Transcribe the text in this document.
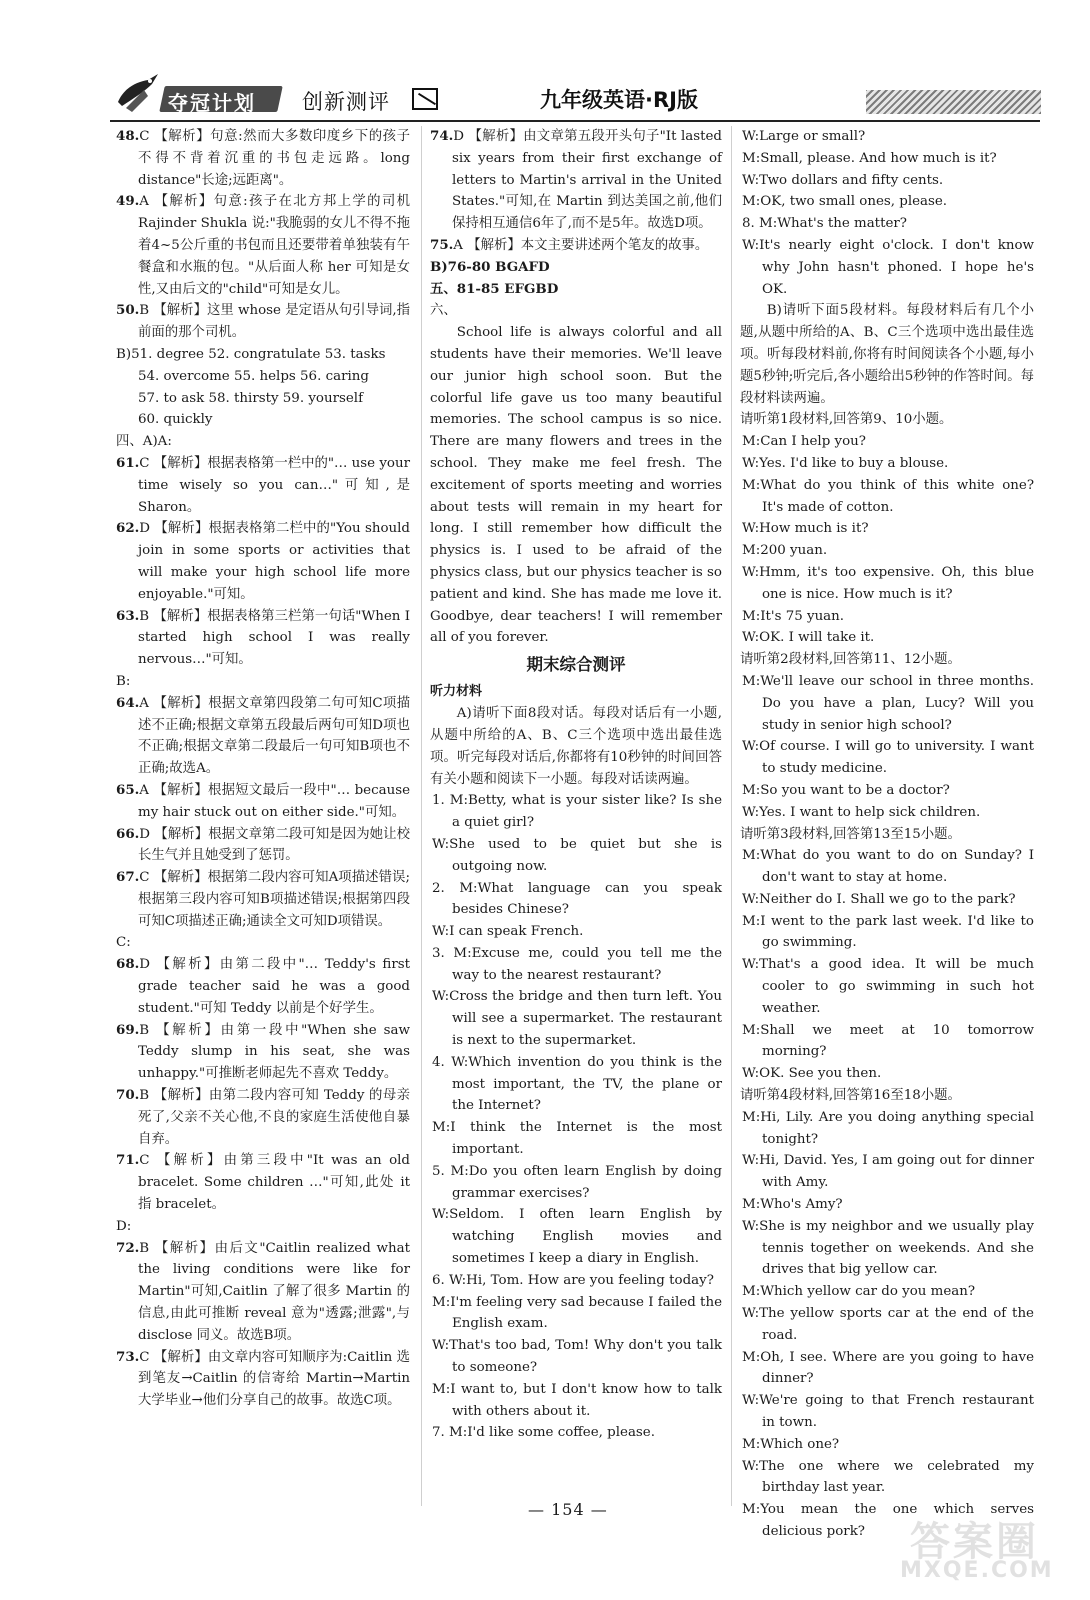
夺冠计划 创新测评	九年级英语·RJ版
48.C 【解析】句意:然而大多数印度乡下的孩子不得不背着沉重的书包走远路。long distance"长途;远距离"。
49.A 【解析】句意:孩子在北方邦上学的司机 Rajinder Shukla 说:"我脆弱的女儿不得不拖着4~5公斤重的书包而且还要带着单独装有午餐盒和水瓶的包。"从后面人称 her 可知是女性,又由后文的"child"可知是女儿。
50.B 【解析】这里 whose 是定语从句引导词,指前面的那个司机。
B)51. degree 52. congratulate 53. tasks
54. overcome 55. helps 56. caring
57. to ask 58. thirsty 59. yourself
60. quickly
四、A)A:
61.C 【解析】根据表格第一栏中的"… use your time wisely so you can…"可知,是 Sharon。
62.D 【解析】根据表格第二栏中的"You should join in some sports or activities that will make your high school life more enjoyable."可知。
63.B 【解析】根据表格第三栏第一句话"When I started high school I was really nervous…"可知。
B:
64.A 【解析】根据文章第四段第二句可知C项描述不正确;根据文章第五段最后两句可知D项也不正确;根据文章第二段最后一句可知B项也不正确;故选A。
65.A 【解析】根据短文最后一段中"… because my hair stuck out on either side."可知。
66.D 【解析】根据文章第二段可知是因为她让校长生气并且她受到了惩罚。
67.C 【解析】根据第二段内容可知A项描述错误;根据第三段内容可知B项描述错误;根据第四段可知C项描述正确;通读全文可知D项错误。
C:
68.D 【解析】由第二段中"… Teddy's first grade teacher said he was a good student."可知 Teddy 以前是个好学生。
69.B 【解析】由第一段中"When she saw Teddy slump in his seat, she was unhappy."可推断老师起先不喜欢 Teddy。
70.B 【解析】由第二段内容可知 Teddy 的母亲死了,父亲不关心他,不良的家庭生活使他自暴自弃。
71.C 【解析】由第三段中"It was an old bracelet. Some children …"可知,此处 it 指 bracelet。
D:
72.B 【解析】由后文"Caitlin realized what the living conditions were like for Martin"可知,Caitlin 了解了很多 Martin 的信息,由此可推断 reveal 意为"透露;泄露",与 disclose 同义。故选B项。
73.C 【解析】由文章内容可知顺序为:Caitlin 选到笔友→Caitlin 的信寄给 Martin→Martin 大学毕业→他们分享自己的故事。故选C项。
74.D 【解析】由文章第五段开头句子"It lasted six years from their first exchange of letters to Martin's arrival in the United States."可知,在 Martin 到达美国之前,他们保持相互通信6年了,而不是5年。故选D项。
75.A 【解析】本文主要讲述两个笔友的故事。
B)76-80 BGAFD
五、81-85 EFGBD
六、
School life is always colorful and all students have their memories. We'll leave our junior high school soon. But the colorful life gave us too many beautiful memories. The school campus is so nice. There are many flowers and trees in the school. They make me feel fresh. The excitement of sports meeting and worries about tests will remain in my heart for long. I still remember how difficult the physics is. I used to be afraid of the physics class, but our physics teacher is so patient and kind. She has made me love it. Goodbye, dear teachers! I will remember all of you forever.
期末综合测评
听力材料
A)请听下面8段对话。每段对话后有一小题,从题中所给的A、B、C三个选项中选出最佳选项。听完每段对话后,你都将有10秒钟的时间回答有关小题和阅读下一小题。每段对话读两遍。
1. M:Betty, what is your sister like? Is she a quiet girl?
W:She used to be quiet but she is outgoing now.
2. M:What language can you speak besides Chinese?
W:I can speak French.
3. M:Excuse me, could you tell me the way to the nearest restaurant?
W:Cross the bridge and then turn left. You will see a supermarket. The restaurant is next to the supermarket.
4. W:Which invention do you think is the most important, the TV, the plane or the Internet?
M:I think the Internet is the most important.
5. M:Do you often learn English by doing grammar exercises?
W:Seldom. I often learn English by watching English movies and sometimes I keep a diary in English.
6. W:Hi, Tom. How are you feeling today?
M:I'm feeling very sad because I failed the English exam.
W:That's too bad, Tom! Why don't you talk to someone?
M:I want to, but I don't know how to talk with others about it.
7. M:I'd like some coffee, please.
W:Large or small?
M:Small, please. And how much is it?
W:Two dollars and fifty cents.
M:OK, two small ones, please.
8. M:What's the matter?
W:It's nearly eight o'clock. I don't know why John hasn't phoned. I hope he's OK.
B)请听下面5段材料。每段材料后有几个小题,从题中所给的A、B、C三个选项中选出最佳选项。听每段材料前,你将有时间阅读各个小题,每小题5秒钟;听完后,各小题给出5秒钟的作答时间。每段材料读两遍。
请听第1段材料,回答第9、10小题。
M:Can I help you?
W:Yes. I'd like to buy a blouse.
M:What do you think of this white one? It's made of cotton.
W:How much is it?
M:200 yuan.
W:Hmm, it's too expensive. Oh, this blue one is nice. How much is it?
M:It's 75 yuan.
W:OK. I will take it.
请听第2段材料,回答第11、12小题。
M:We'll leave our school in three months. Do you have a plan, Lucy? Will you study in senior high school?
W:Of course. I will go to university. I want to study medicine.
M:So you want to be a doctor?
W:Yes. I want to help sick children.
请听第3段材料,回答第13至15小题。
M:What do you want to do on Sunday? I don't want to stay at home.
W:Neither do I. Shall we go to the park?
M:I went to the park last week. I'd like to go swimming.
W:That's a good idea. It will be much cooler to go swimming in such hot weather.
M:Shall we meet at 10 tomorrow morning?
W:OK. See you then.
请听第4段材料,回答第16至18小题。
M:Hi, Lily. Are you doing anything special tonight?
W:Hi, David. Yes, I am going out for dinner with Amy.
M:Who's Amy?
W:She is my neighbor and we usually play tennis together on weekends. And she drives that big yellow car.
M:Which yellow car do you mean?
W:The yellow sports car at the end of the road.
M:Oh, I see. Where are you going to have dinner?
W:We're going to that French restaurant in town.
M:Which one?
W:The one where we celebrated my birthday last year.
M:You mean the one which serves delicious pork?
— 154 —
答案圈
MXQE.COM
